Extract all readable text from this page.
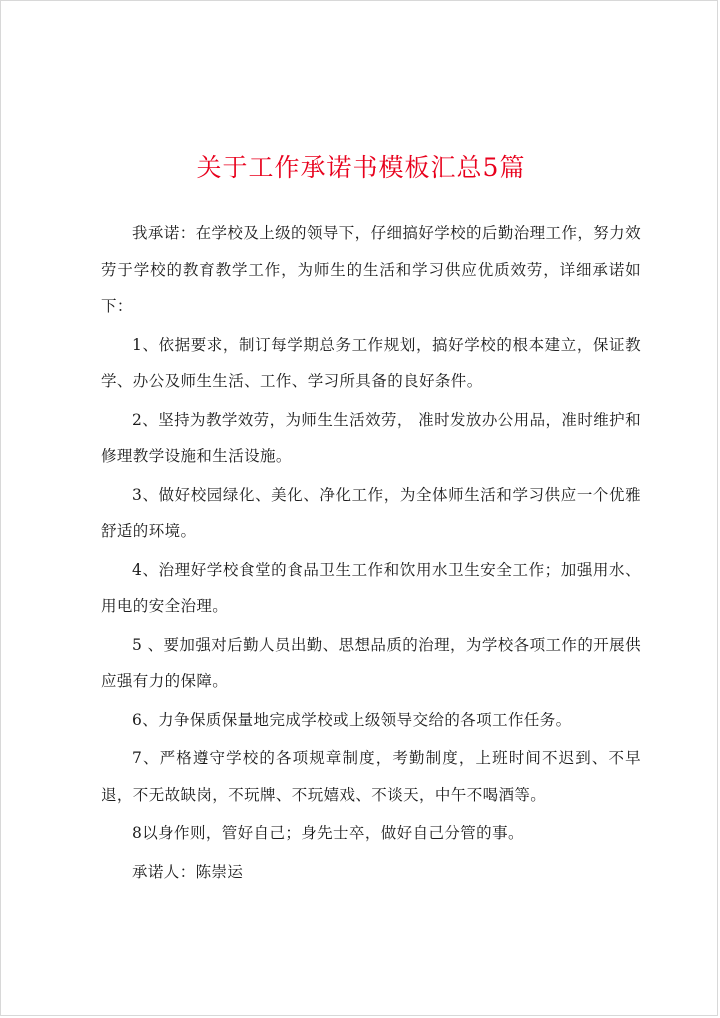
关于工作承诺书模板汇总5篇

我承诺：在学校及上级的领导下，仔细搞好学校的后勤治理工作，努力效劳于学校的教育教学工作，为师生的生活和学习供应优质效劳，详细承诺如下：

1、依据要求，制订每学期总务工作规划，搞好学校的根本建立，保证教学、办公及师生生活、工作、学习所具备的良好条件。

2、坚持为教学效劳，为师生生活效劳， 准时发放办公用品，准时维护和修理教学设施和生活设施。

3、做好校园绿化、美化、净化工作，为全体师生活和学习供应一个优雅舒适的环境。

4、治理好学校食堂的食品卫生工作和饮用水卫生安全工作；加强用水、用电的安全治理。

5 、要加强对后勤人员出勤、思想品质的治理，为学校各项工作的开展供应强有力的保障。

6、力争保质保量地完成学校或上级领导交给的各项工作任务。

7、严格遵守学校的各项规章制度，考勤制度，上班时间不迟到、不早退，不无故缺岗，不玩牌、不玩嬉戏、不谈天，中午不喝酒等。

8以身作则，管好自己；身先士卒，做好自己分管的事。

承诺人：陈崇运
